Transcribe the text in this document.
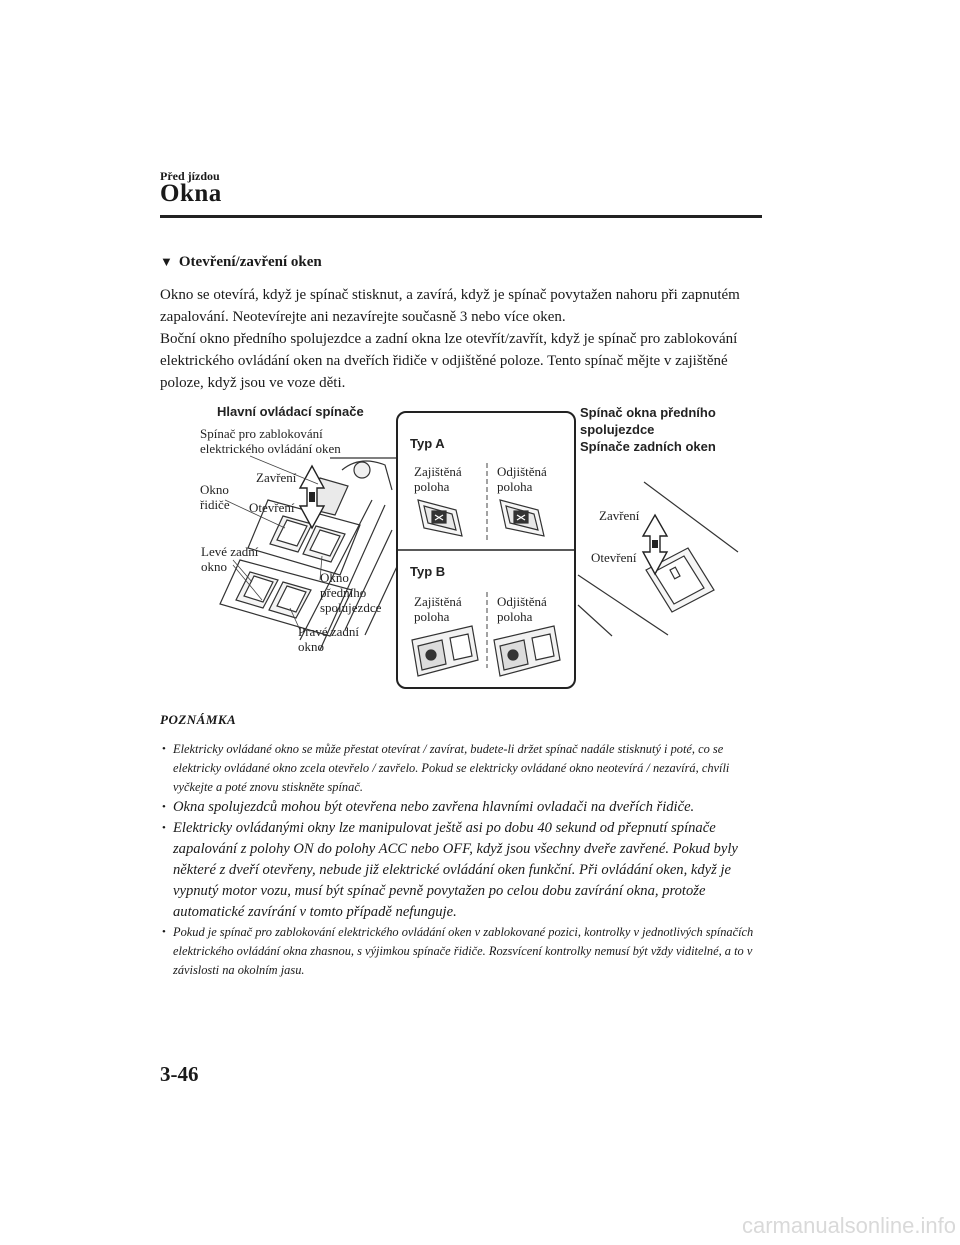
Před jízdou
Okna
▼ Otevření/zavření oken

Okno se otevírá, když je spínač stisknut, a zavírá, když je spínač povytažen nahoru při zapnutém zapalování. Neotevírejte ani nezavírejte současně 3 nebo více oken.

Boční okno předního spolujezdce a zadní okna lze otevřít/zavřít, když je spínač pro zablokování elektrického ovládání oken na dveřích řidiče v odjištěné poloze. Tento spínač mějte v zajištěné poloze, když jsou ve voze děti.

Hlavní ovládací spínače
Spínač pro zablokování
elektrického ovládání oken
Zavření
Okno
řidiče Otevření
Levé zadní
okno
Okno
předního
spolujezdce
Pravé zadní
okno
Typ A
Zajištěná
poloha
Odjištěná
poloha
Typ B
Zajištěná
poloha
Odjištěná
poloha
Spínač okna předního
spolujezdce
Spínače zadních oken
Zavření
Otevření
POZNÁMKA
• Elektricky ovládané okno se může přestat otevírat / zavírat, budete-li držet spínač nadále stisknutý i poté, co se elektricky ovládané okno zcela otevřelo / zavřelo. Pokud se elektricky ovládané okno neotevírá / nezavírá, chvíli vyčkejte a poté znovu stiskněte spínač.
• Okna spolujezdců mohou být otevřena nebo zavřena hlavními ovladači na dveřích řidiče.
• Elektricky ovládanými okny lze manipulovat ještě asi po dobu 40 sekund od přepnutí spínače zapalování z polohy ON do polohy ACC nebo OFF, když jsou všechny dveře zavřené. Pokud byly některé z dveří otevřeny, nebude již elektrické ovládání oken funkční. Při ovládání oken, když je vypnutý motor vozu, musí být spínač pevně povytažen po celou dobu zavírání okna, protože automatické zavírání v tomto případě nefunguje.
• Pokud je spínač pro zablokování elektrického ovládání oken v zablokované pozici, kontrolky v jednotlivých spínačích elektrického ovládání okna zhasnou, s výjimkou spínače řidiče. Rozsvícení kontrolky nemusí být vždy viditelné, a to v závislosti na okolním jasu.
3-46
carmanualsonline.info
